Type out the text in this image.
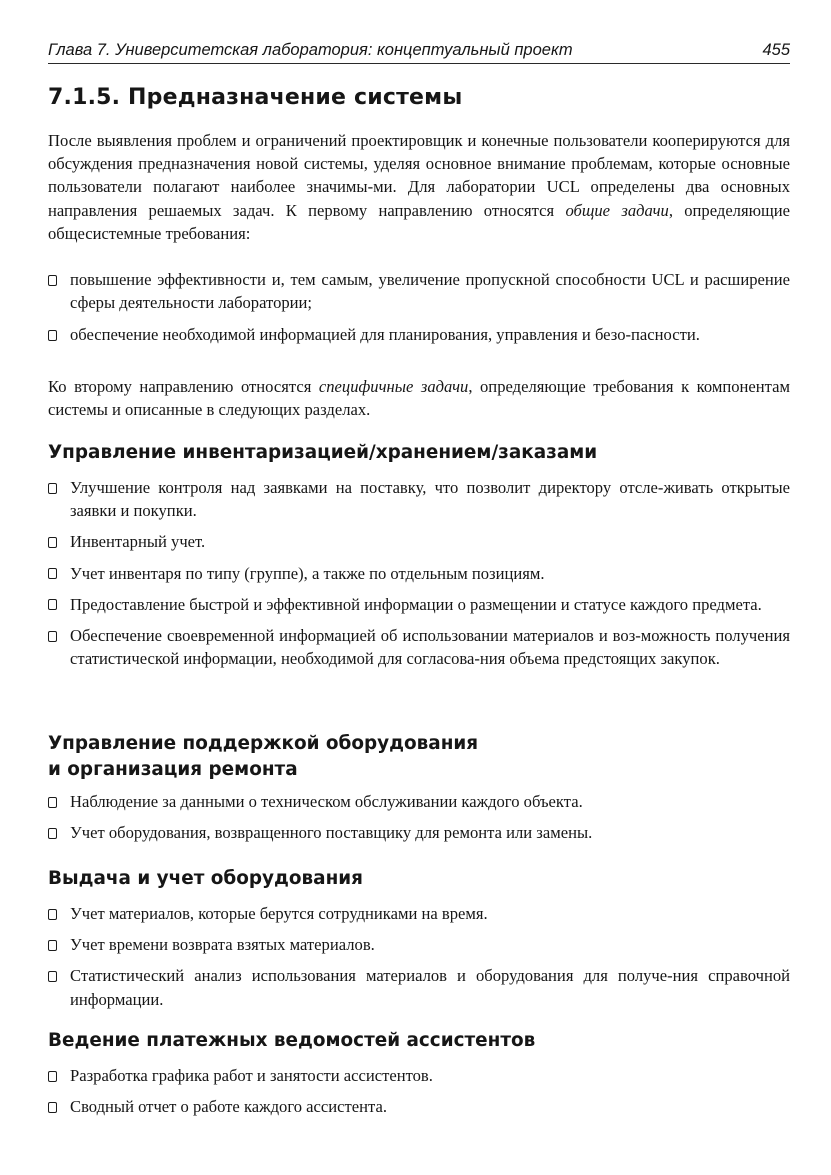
Глава 7. Университетская лаборатория: концептуальный проект	455
7.1.5. Предназначение системы

После выявления проблем и ограничений проектировщик и конечные пользователи кооперируются для обсуждения предназначения новой системы, уделяя основное внимание проблемам, которые основные пользователи полагают наиболее значимы-ми. Для лаборатории UCL определены два основных направления решаемых задач. К первому направлению относятся общие задачи, определяющие общесистемные требования:

повышение эффективности и, тем самым, увеличение пропускной способности UCL и расширение сферы деятельности лаборатории;
обеспечение необходимой информацией для планирования, управления и безо-пасности.

Ко второму направлению относятся специфичные задачи, определяющие требования к компонентам системы и описанные в следующих разделах.

Управление инвентаризацией/хранением/заказами
Улучшение контроля над заявками на поставку, что позволит директору отсле-живать открытые заявки и покупки.
Инвентарный учет.
Учет инвентаря по типу (группе), а также по отдельным позициям.
Предоставление быстрой и эффективной информации о размещении и статусе каждого предмета.
Обеспечение своевременной информацией об использовании материалов и воз-можность получения статистической информации, необходимой для согласова-ния объема предстоящих закупок.
Управление поддержкой оборудования
и организация ремонта
Наблюдение за данными о техническом обслуживании каждого объекта.
Учет оборудования, возвращенного поставщику для ремонта или замены.
Выдача и учет оборудования
Учет материалов, которые берутся сотрудниками на время.
Учет времени возврата взятых материалов.
Статистический анализ использования материалов и оборудования для получе-ния справочной информации.
Ведение платежных ведомостей ассистентов
Разработка графика работ и занятости ассистентов.
Сводный отчет о работе каждого ассистента.
